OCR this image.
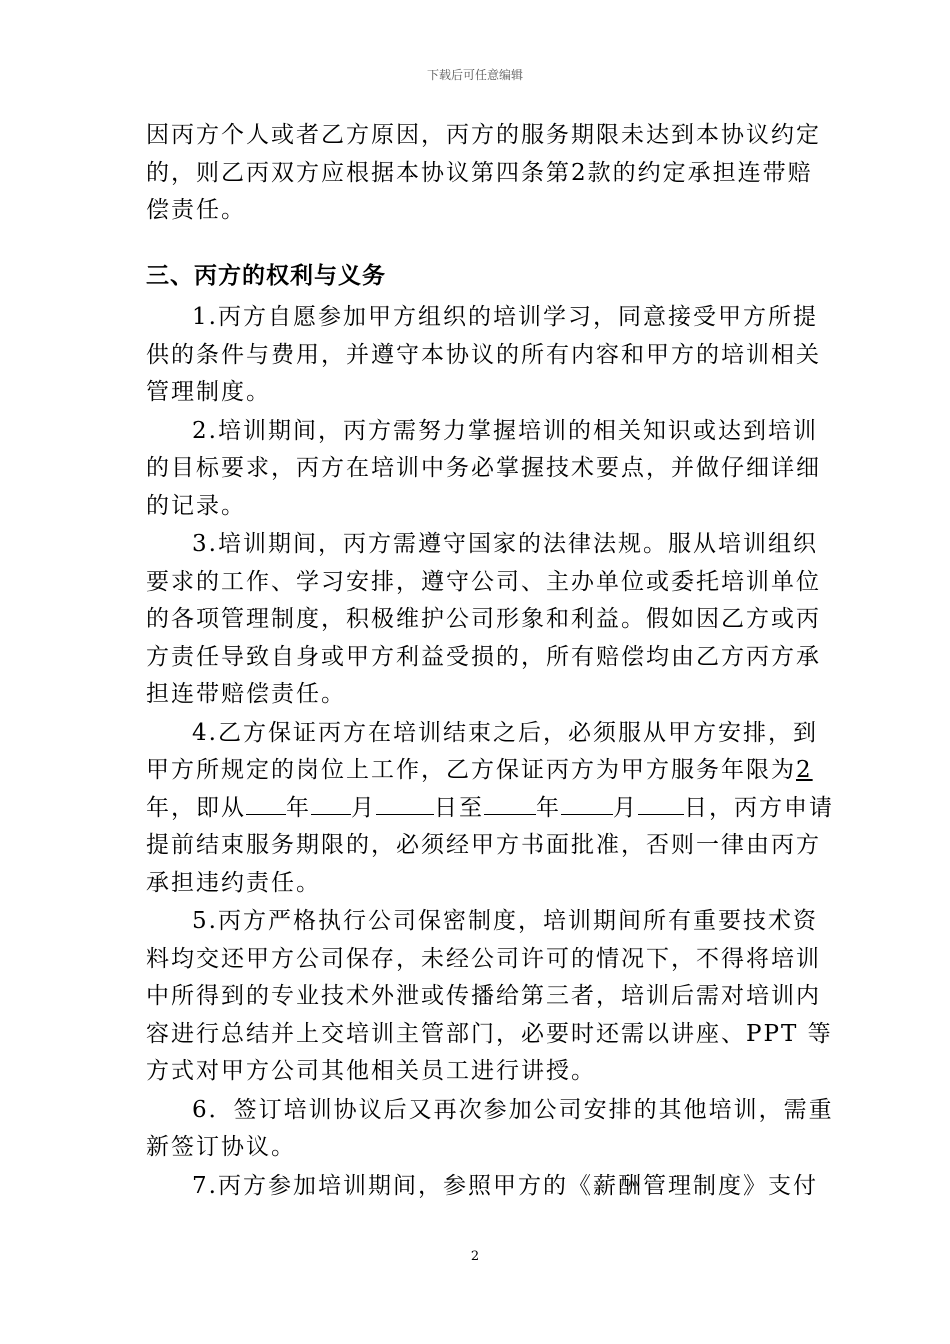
下载后可任意编辑
因丙方个人或者乙方原因，丙方的服务期限未达到本协议约定
的，则乙丙双方应根据本协议第四条第2款的约定承担连带赔
偿责任。
三、丙方的权利与义务
1.丙方自愿参加甲方组织的培训学习，同意接受甲方所提
供的条件与费用，并遵守本协议的所有内容和甲方的培训相关
管理制度。
2.培训期间，丙方需努力掌握培训的相关知识或达到培训
的目标要求，丙方在培训中务必掌握技术要点，并做仔细详细
的记录。
3.培训期间，丙方需遵守国家的法律法规。服从培训组织
要求的工作、学习安排，遵守公司、主办单位或委托培训单位
的各项管理制度，积极维护公司形象和利益。假如因乙方或丙
方责任导致自身或甲方利益受损的，所有赔偿均由乙方丙方承
担连带赔偿责任。
4.乙方保证丙方在培训结束之后，必须服从甲方安排，到
甲方所规定的岗位上工作，乙方保证丙方为甲方服务年限为2
年，即从 年 月	日至 年 月 日，丙方申请
提前结束服务期限的，必须经甲方书面批准，否则一律由丙方
承担违约责任。
5.丙方严格执行公司保密制度，培训期间所有重要技术资
料均交还甲方公司保存，未经公司许可的情况下，不得将培训
中所得到的专业技术外泄或传播给第三者，培训后需对培训内
容进行总结并上交培训主管部门，必要时还需以讲座、PPT 等
方式对甲方公司其他相关员工进行讲授。
6．签订培训协议后又再次参加公司安排的其他培训，需重
新签订协议。
7.丙方参加培训期间，参照甲方的《薪酬管理制度》支付
2
